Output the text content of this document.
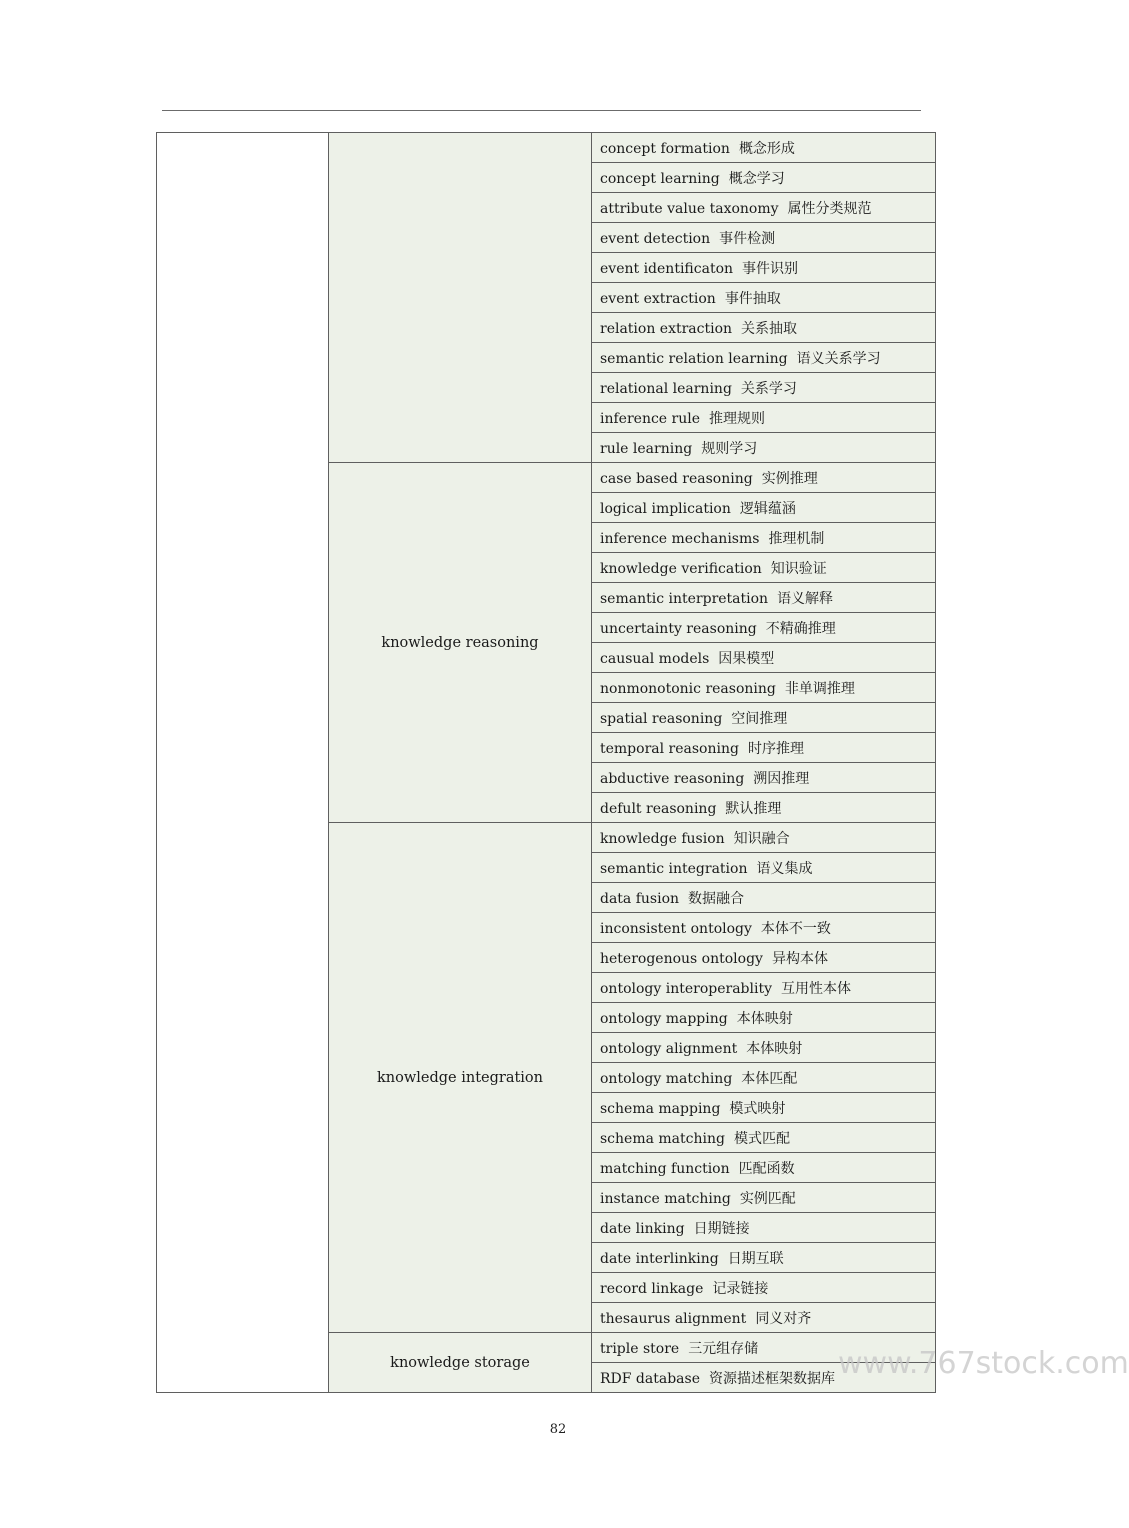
		concept formation 概念形成
		concept learning 概念学习
		attribute value taxonomy 属性分类规范
		event detection 事件检测
		event identificaton 事件识别
		event extraction 事件抽取
		relation extraction 关系抽取
		semantic relation learning 语义关系学习
		relational learning 关系学习
		inference rule 推理规则
		rule learning 规则学习
	knowledge reasoning	case based reasoning 实例推理
		logical implication 逻辑蕴涵
		inference mechanisms 推理机制
		knowledge verification 知识验证
		semantic interpretation 语义解释
		uncertainty reasoning 不精确推理
		causual models 因果模型
		nonmonotonic reasoning 非单调推理
		spatial reasoning 空间推理
		temporal reasoning 时序推理
		abductive reasoning 溯因推理
		defult reasoning 默认推理
	knowledge integration	knowledge fusion 知识融合
		semantic integration 语义集成
		data fusion 数据融合
		inconsistent ontology 本体不一致
		heterogenous ontology 异构本体
		ontology interoperablity 互用性本体
		ontology mapping 本体映射
		ontology alignment 本体映射
		ontology matching 本体匹配
		schema mapping 模式映射
		schema matching 模式匹配
		matching function 匹配函数
		instance matching 实例匹配
		date linking 日期链接
		date interlinking 日期互联
		record linkage 记录链接
		thesaurus alignment 同义对齐
	knowledge storage	triple store 三元组存储
		RDF database 资源描述框架数据库 www.767stock.com
82
